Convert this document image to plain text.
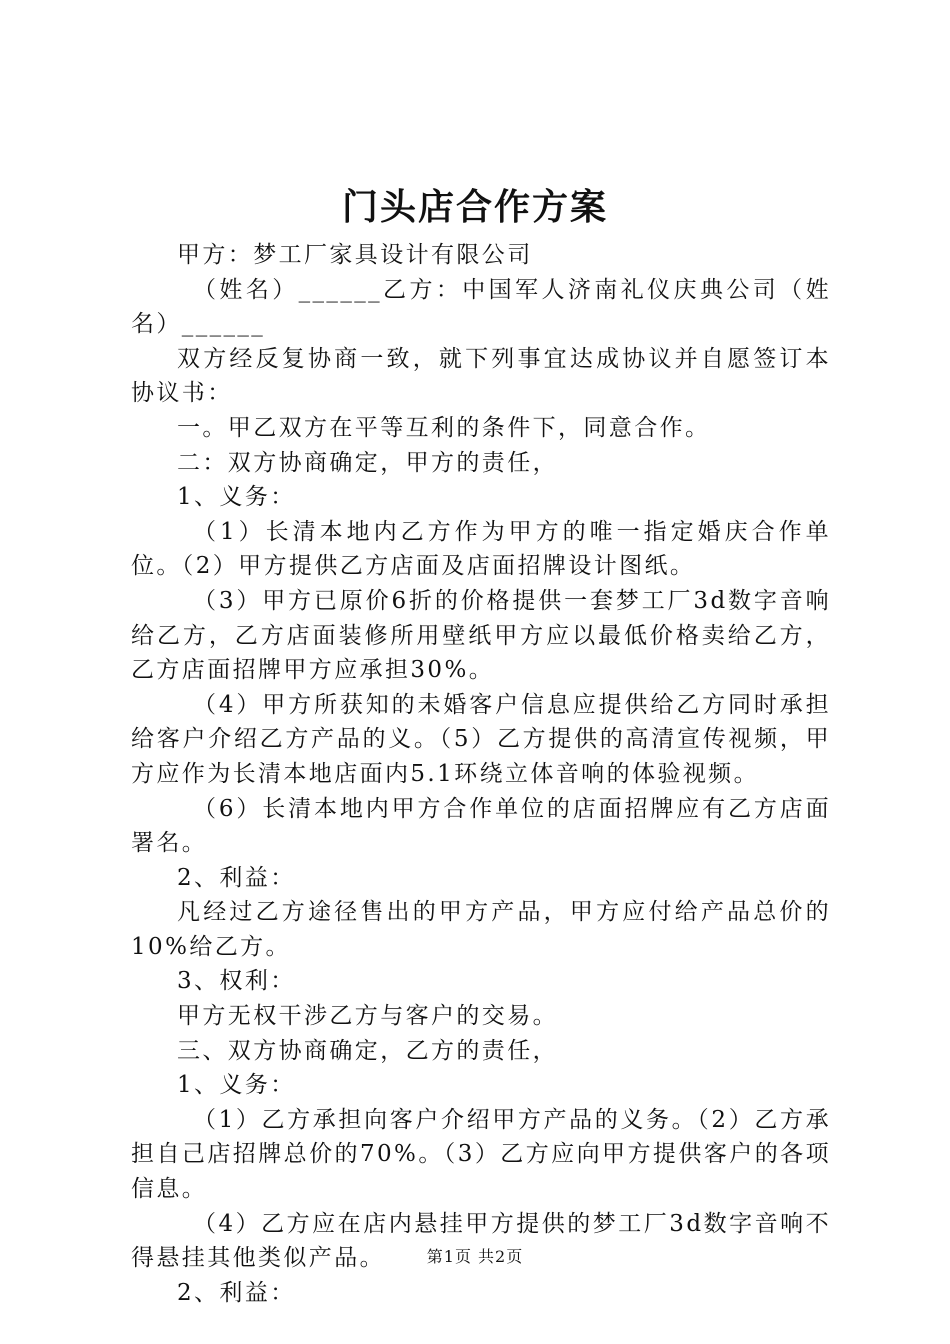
门头店合作方案

甲方：梦工厂家具设计有限公司

（姓名）______乙方：中国军人济南礼仪庆典公司（姓名）______

双方经反复协商一致，就下列事宜达成协议并自愿签订本协议书：

一。甲乙双方在平等互利的条件下，同意合作。

二：双方协商确定，甲方的责任，

1、义务：

（1）长清本地内乙方作为甲方的唯一指定婚庆合作单位。（2）甲方提供乙方店面及店面招牌设计图纸。

（3）甲方已原价6折的价格提供一套梦工厂3d数字音响给乙方，乙方店面装修所用壁纸甲方应以最低价格卖给乙方，乙方店面招牌甲方应承担30%。

（4）甲方所获知的未婚客户信息应提供给乙方同时承担给客户介绍乙方产品的义。（5）乙方提供的高清宣传视频，甲方应作为长清本地店面内5.1环绕立体音响的体验视频。

（6）长清本地内甲方合作单位的店面招牌应有乙方店面署名。

2、利益：

凡经过乙方途径售出的甲方产品，甲方应付给产品总价的10%给乙方。

3、权利：

甲方无权干涉乙方与客户的交易。

三、双方协商确定，乙方的责任，

1、义务：

（1）乙方承担向客户介绍甲方产品的义务。（2）乙方承担自己店招牌总价的70%。（3）乙方应向甲方提供客户的各项信息。

（4）乙方应在店内悬挂甲方提供的梦工厂3d数字音响不得悬挂其他类似产品。

2、利益：

第1页 共2页
